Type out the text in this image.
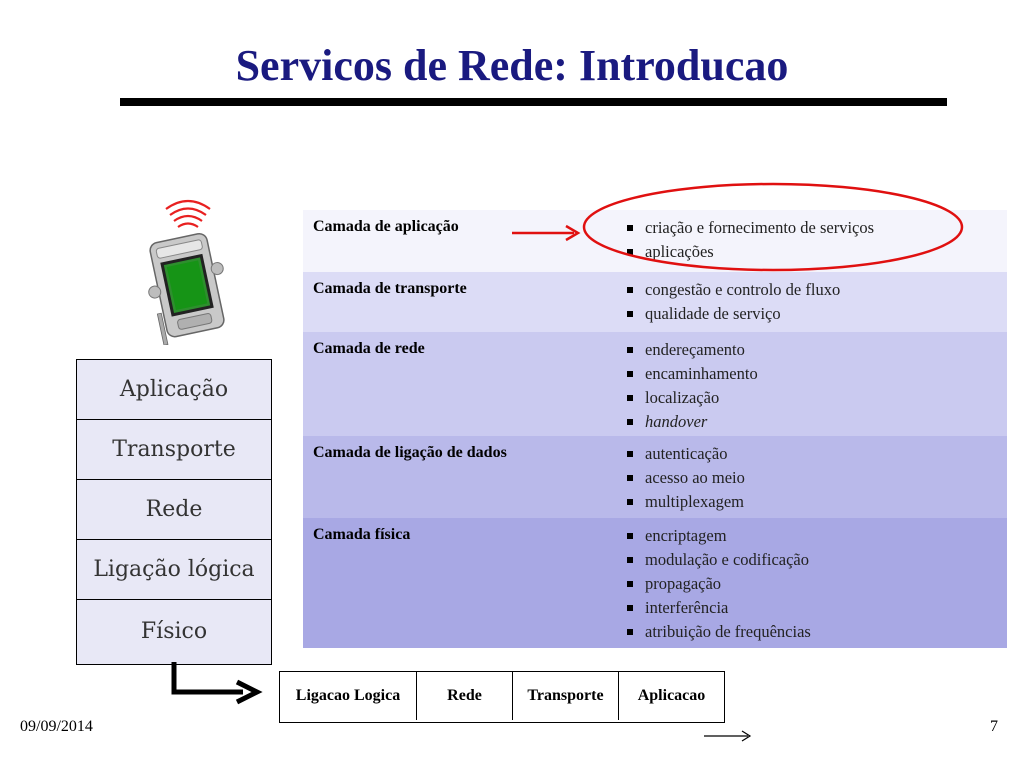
Servicos de Rede: Introducao
Aplicação
Transporte
Rede
Ligação lógica
Físico
Camada de aplicação	criação e fornecimento de serviços
aplicações
Camada de transporte	congestão e controlo de fluxo
qualidade de serviço
Camada de rede	endereçamento
encaminhamento
localização
handover
Camada de ligação de dados	autenticação
acesso ao meio
multiplexagem
Camada física	encriptagem
modulação e codificação
propagação
interferência
atribuição de frequências
Ligacao Logica	Rede	Transporte	Aplicacao
09/09/2014	7
